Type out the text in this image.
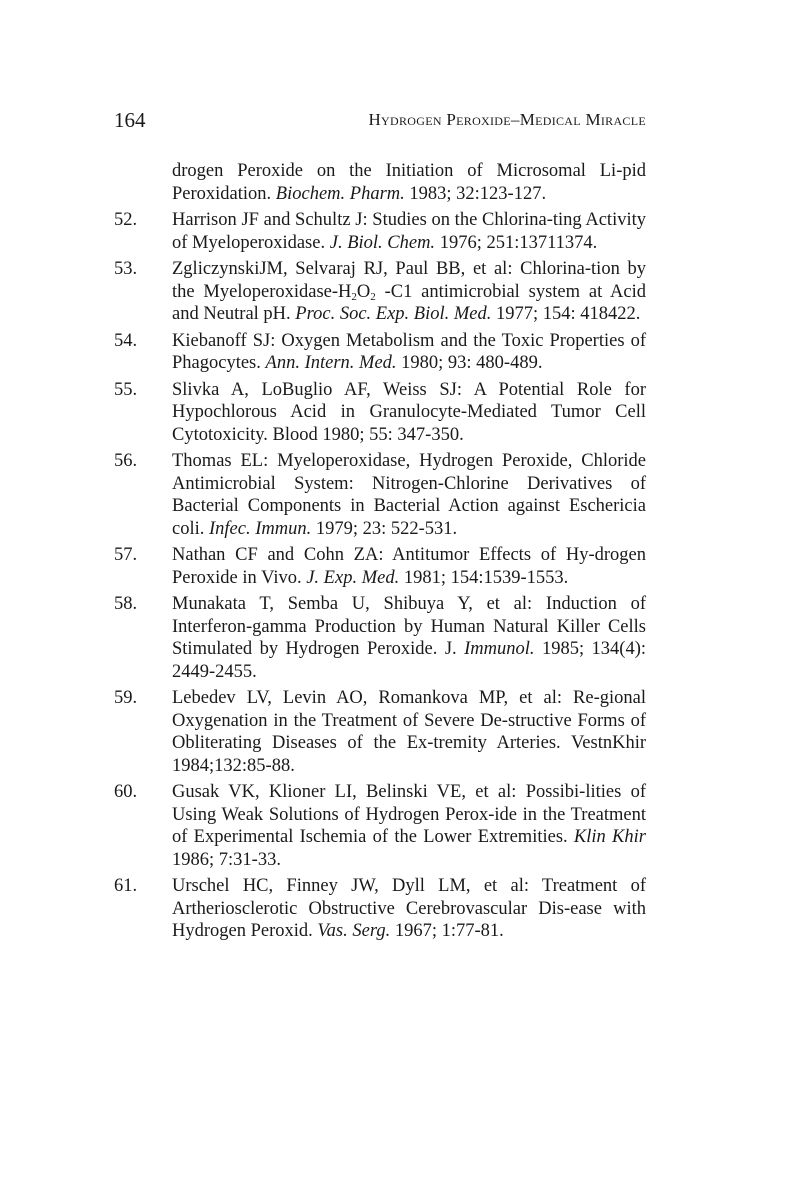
164	Hydrogen Peroxide–Medical Miracle
drogen Peroxide on the Initiation of Microsomal Li-pid Peroxidation. Biochem. Pharm. 1983; 32:123-127.
52. Harrison JF and Schultz J: Studies on the Chlorina-ting Activity of Myeloperoxidase. J. Biol. Chem. 1976; 251:13711374.
53. ZgliczynskiJM, Selvaraj RJ, Paul BB, et al: Chlorina-tion by the Myeloperoxidase-$H_2O_2$ -C1 antimicrobial system at Acid and Neutral pH. Proc. Soc. Exp. Biol. Med. 1977; 154: 418422.
54. Kiebanoff SJ: Oxygen Metabolism and the Toxic Properties of Phagocytes. Ann. Intern. Med. 1980; 93: 480-489.
55. Slivka A, LoBuglio AF, Weiss SJ: A Potential Role for Hypochlorous Acid in Granulocyte-Mediated Tumor Cell Cytotoxicity. Blood 1980; 55: 347-350.
56. Thomas EL: Myeloperoxidase, Hydrogen Peroxide, Chloride Antimicrobial System: Nitrogen-Chlorine Derivatives of Bacterial Components in Bacterial Action against Eschericia coli. Infec. Immun. 1979; 23: 522-531.
57. Nathan CF and Cohn ZA: Antitumor Effects of Hy-drogen Peroxide in Vivo. J. Exp. Med. 1981; 154:1539-1553.
58. Munakata T, Semba U, Shibuya Y, et al: Induction of Interferon-gamma Production by Human Natural Killer Cells Stimulated by Hydrogen Peroxide. J. Immunol. 1985; 134(4): 2449-2455.
59. Lebedev LV, Levin AO, Romankova MP, et al: Re-gional Oxygenation in the Treatment of Severe De-structive Forms of Obliterating Diseases of the Ex-tremity Arteries. VestnKhir 1984;132:85-88.
60. Gusak VK, Klioner LI, Belinski VE, et al: Possibi-lities of Using Weak Solutions of Hydrogen Perox-ide in the Treatment of Experimental Ischemia of the Lower Extremities. Klin Khir 1986; 7:31-33.
61. Urschel HC, Finney JW, Dyll LM, et al: Treatment of Artheriosclerotic Obstructive Cerebrovascular Dis-ease with Hydrogen Peroxid. Vas. Serg. 1967; 1:77-81.
